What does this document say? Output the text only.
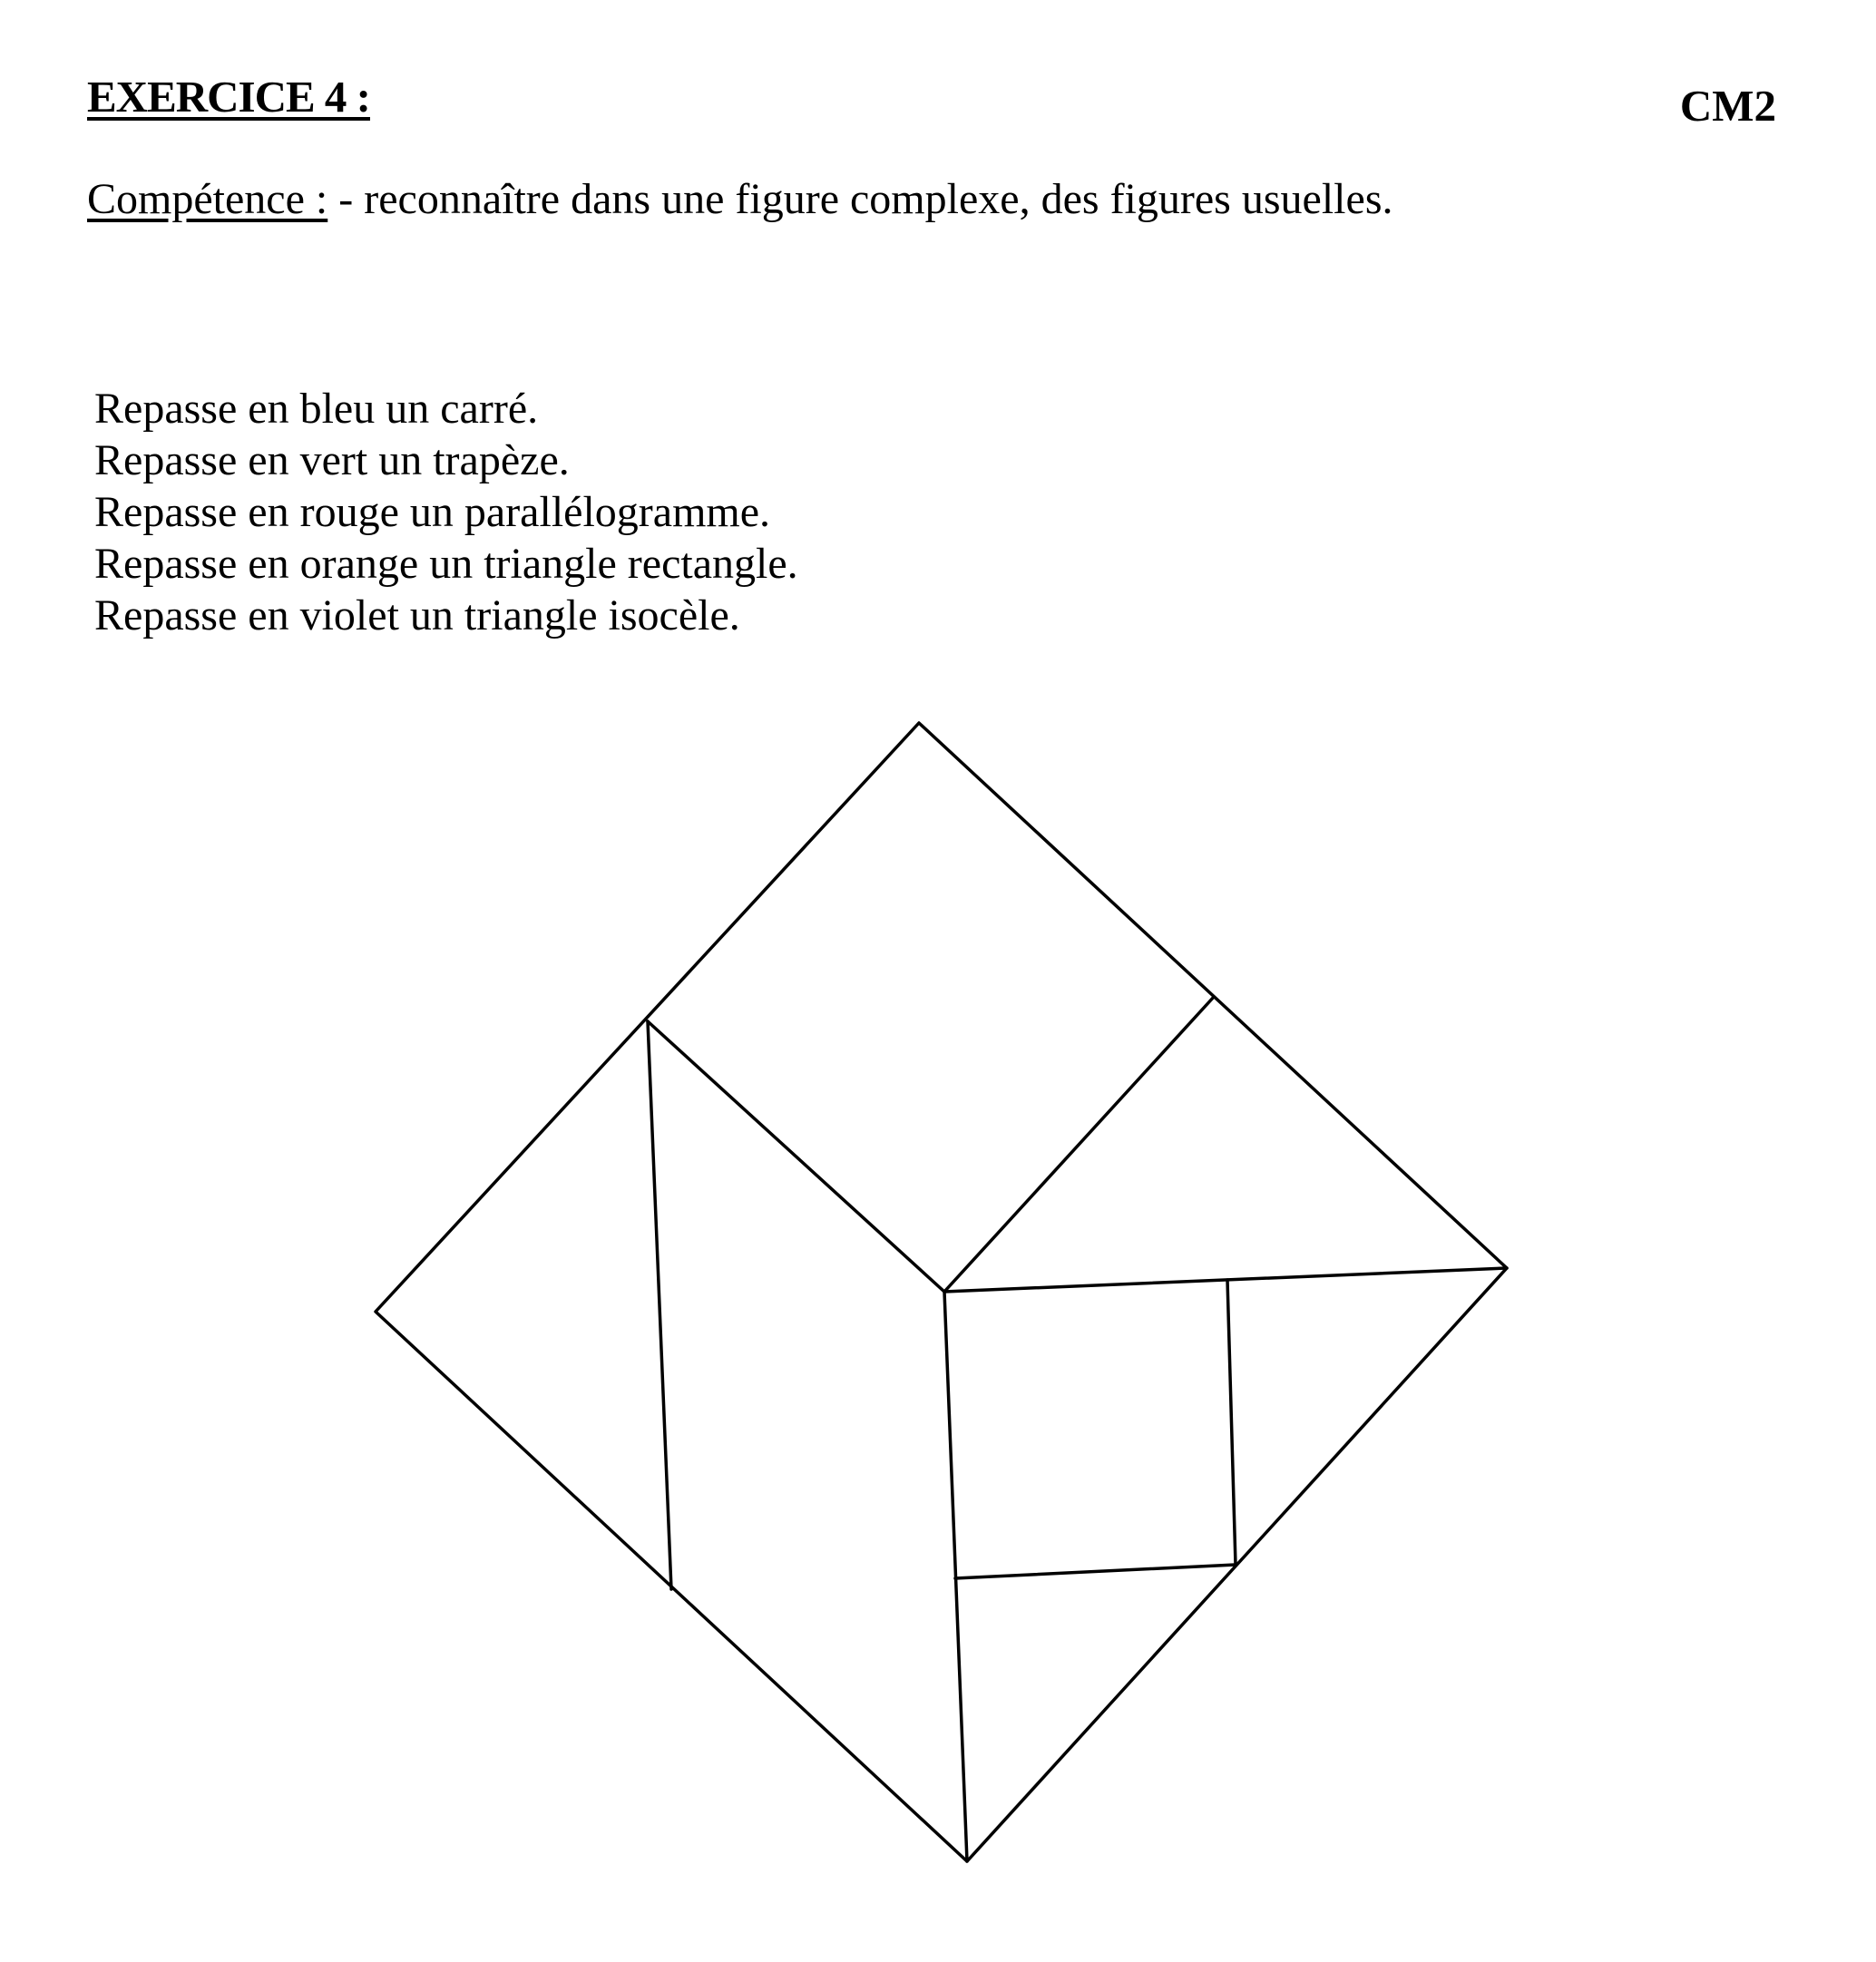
EXERCICE 4 :	CM2
Compétence : - reconnaître dans une figure complexe, des figures usuelles.
Repasse en bleu un carré.
Repasse en vert un trapèze.
Repasse en rouge un parallélogramme.
Repasse en orange un triangle rectangle.
Repasse en violet un triangle isocèle.
